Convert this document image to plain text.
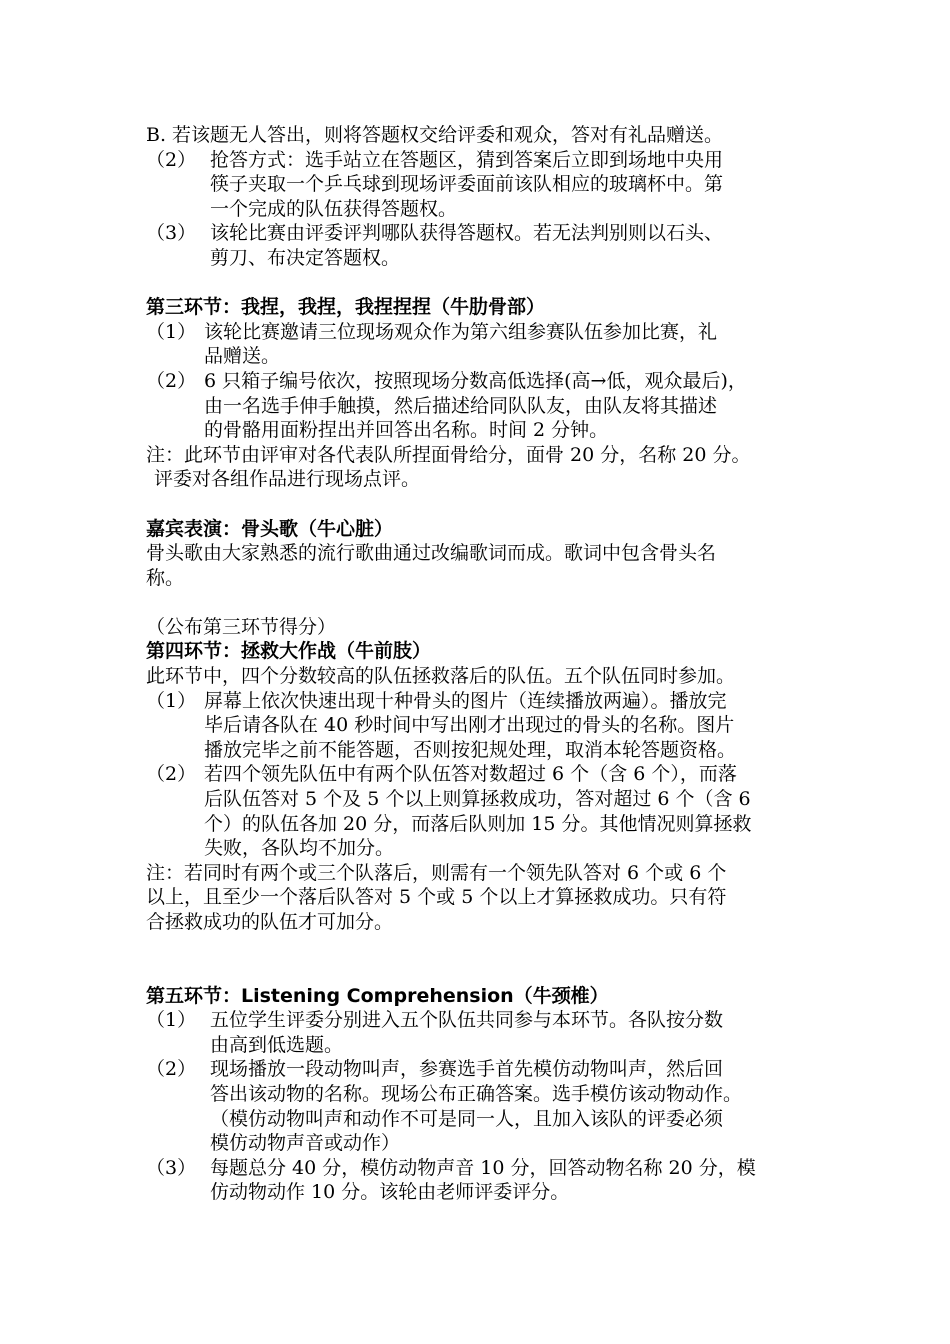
B. 若该题无人答出，则将答题权交给评委和观众，答对有礼品赠送。

（2） 抢答方式：选手站立在答题区，猜到答案后立即到场地中央用
筷子夹取一个乒乓球到现场评委面前该队相应的玻璃杯中。第
一个完成的队伍获得答题权。
（3） 该轮比赛由评委评判哪队获得答题权。若无法判别则以石头、
剪刀、布决定答题权。

第三环节：我捏，我捏，我捏捏捏（牛肋骨部）

（1） 该轮比赛邀请三位现场观众作为第六组参赛队伍参加比赛，礼
品赠送。
（2） 6 只箱子编号依次，按照现场分数高低选择(高→低，观众最后)，
由一名选手伸手触摸，然后描述给同队队友，由队友将其描述
的骨骼用面粉捏出并回答出名称。时间 2 分钟。

注：此环节由评审对各代表队所捏面骨给分，面骨 20 分，名称 20 分。

评委对各组作品进行现场点评。

嘉宾表演：骨头歌（牛心脏）

骨头歌由大家熟悉的流行歌曲通过改编歌词而成。歌词中包含骨头名

称。

（公布第三环节得分）

第四环节：拯救大作战（牛前肢）

此环节中，四个分数较高的队伍拯救落后的队伍。五个队伍同时参加。

（1） 屏幕上依次快速出现十种骨头的图片（连续播放两遍）。播放完
毕后请各队在 40 秒时间中写出刚才出现过的骨头的名称。图片
播放完毕之前不能答题，否则按犯规处理，取消本轮答题资格。
（2） 若四个领先队伍中有两个队伍答对数超过 6 个（含 6 个），而落
后队伍答对 5 个及 5 个以上则算拯救成功，答对超过 6 个（含 6
个）的队伍各加 20 分，而落后队则加 15 分。其他情况则算拯救
失败，各队均不加分。

注：若同时有两个或三个队落后，则需有一个领先队答对 6 个或 6 个

以上，且至少一个落后队答对 5 个或 5 个以上才算拯救成功。只有符

合拯救成功的队伍才可加分。

第五环节：Listening Comprehension（牛颈椎）

（1） 五位学生评委分别进入五个队伍共同参与本环节。各队按分数
由高到低选题。
（2） 现场播放一段动物叫声，参赛选手首先模仿动物叫声，然后回
答出该动物的名称。现场公布正确答案。选手模仿该动物动作。
（模仿动物叫声和动作不可是同一人，且加入该队的评委必须
模仿动物声音或动作）
（3） 每题总分 40 分，模仿动物声音 10 分，回答动物名称 20 分，模
仿动物动作 10 分。该轮由老师评委评分。
